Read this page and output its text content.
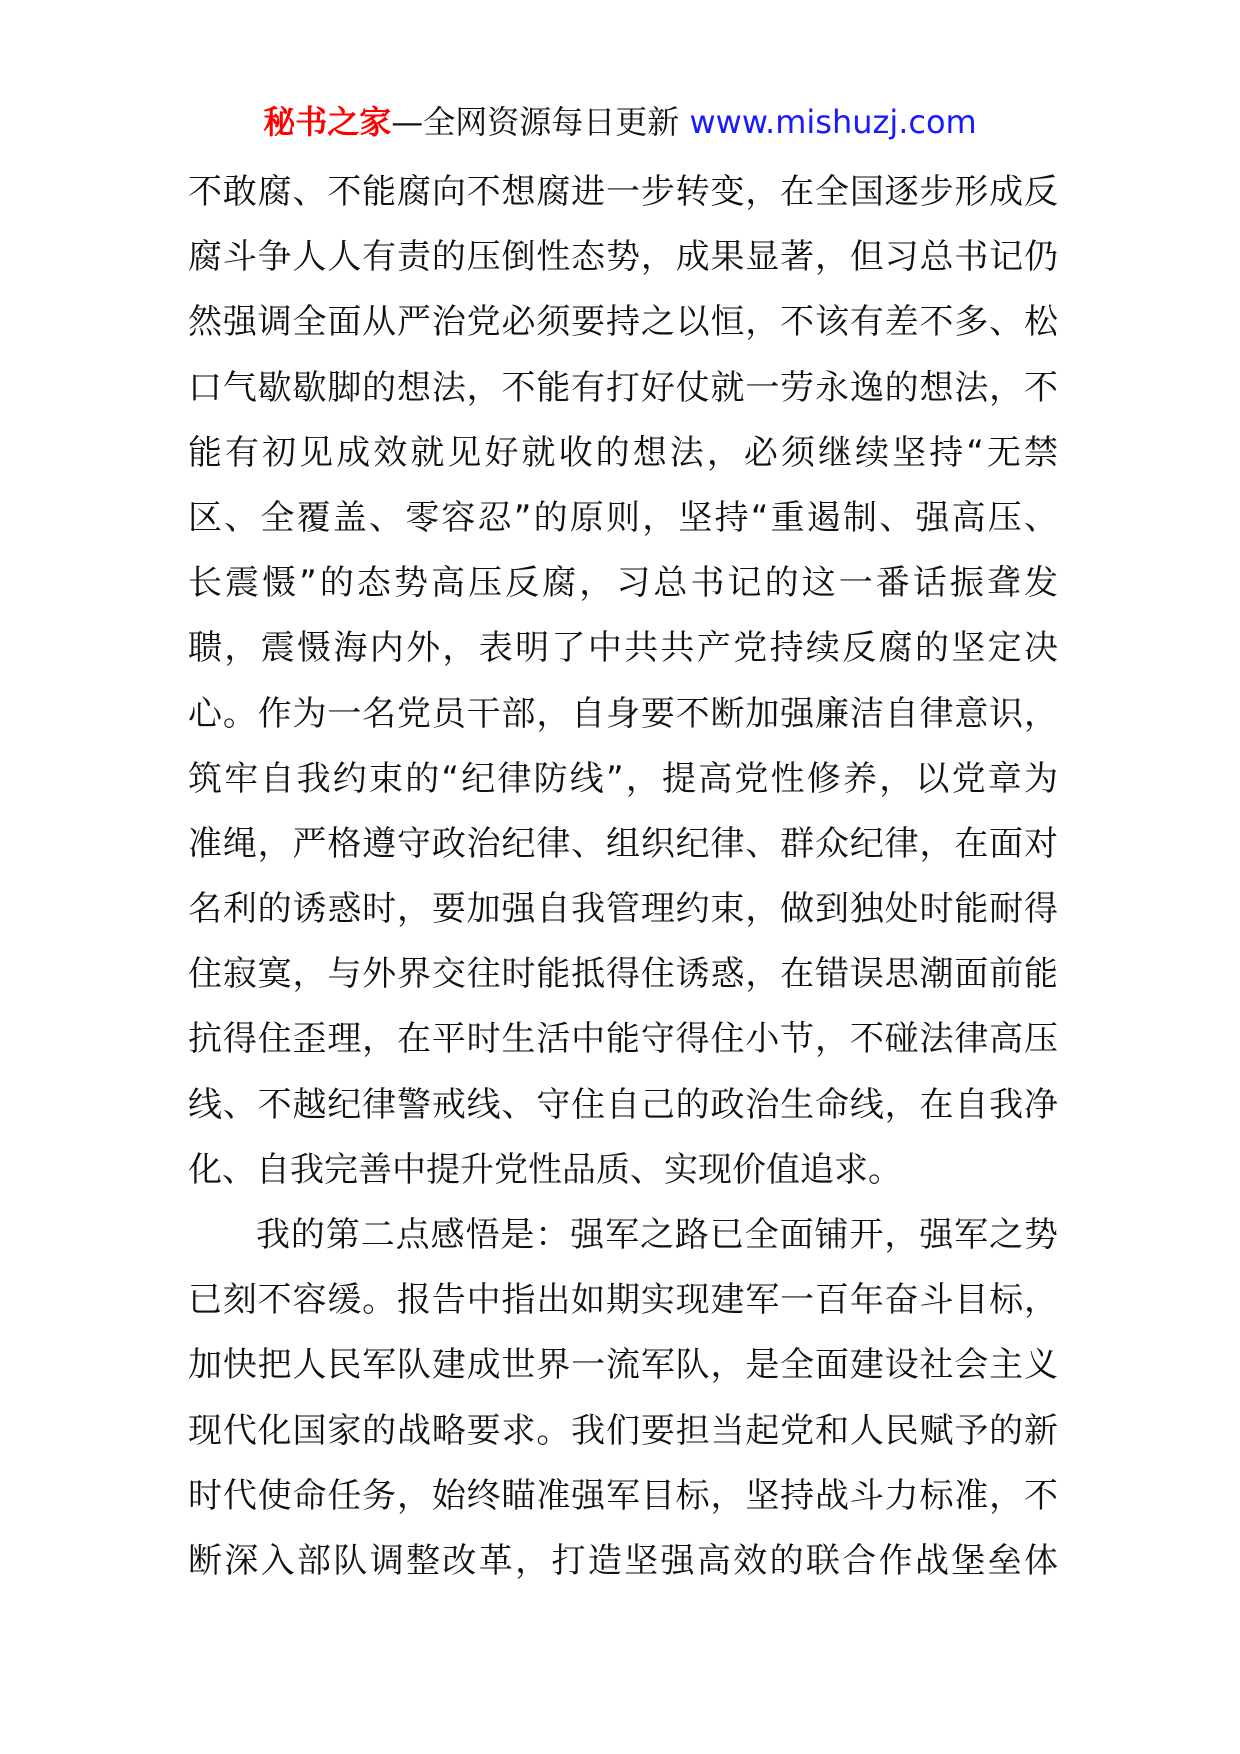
秘书之家—全网资源每日更新 www.mishuzj.com
不敢腐、不能腐向不想腐进一步转变，在全国逐步形成反
腐斗争人人有责的压倒性态势，成果显著，但习总书记仍
然强调全面从严治党必须要持之以恒，不该有差不多、松
口气歇歇脚的想法，不能有打好仗就一劳永逸的想法，不
能有初见成效就见好就收的想法，必须继续坚持“无禁
区、全覆盖、零容忍”的原则，坚持“重遏制、强高压、
长震慑”的态势高压反腐，习总书记的这一番话振聋发
聩，震慑海内外，表明了中共共产党持续反腐的坚定决
心。作为一名党员干部，自身要不断加强廉洁自律意识，
筑牢自我约束的“纪律防线”，提高党性修养，以党章为
准绳，严格遵守政治纪律、组织纪律、群众纪律，在面对
名利的诱惑时，要加强自我管理约束，做到独处时能耐得
住寂寞，与外界交往时能抵得住诱惑，在错误思潮面前能
抗得住歪理，在平时生活中能守得住小节，不碰法律高压
线、不越纪律警戒线、守住自己的政治生命线，在自我净
化、自我完善中提升党性品质、实现价值追求。
我的第二点感悟是：强军之路已全面铺开，强军之势
已刻不容缓。报告中指出如期实现建军一百年奋斗目标，
加快把人民军队建成世界一流军队，是全面建设社会主义
现代化国家的战略要求。我们要担当起党和人民赋予的新
时代使命任务，始终瞄准强军目标，坚持战斗力标准，不
断深入部队调整改革，打造坚强高效的联合作战堡垒体
